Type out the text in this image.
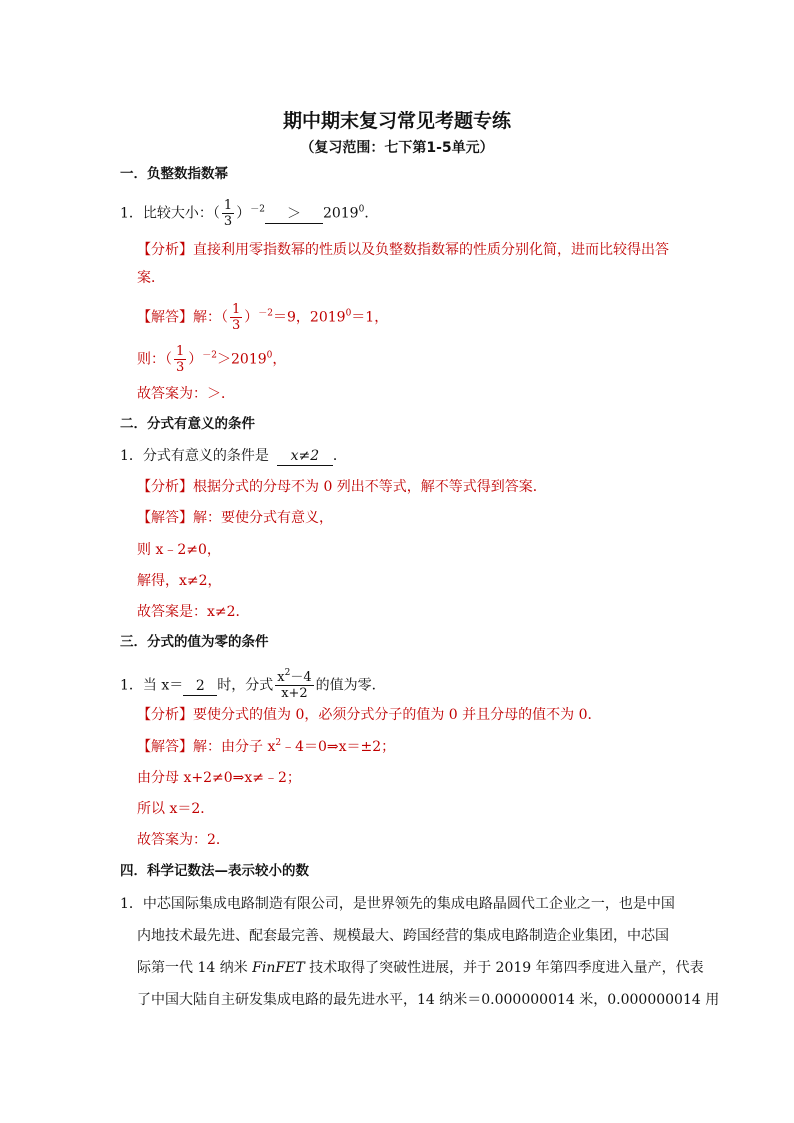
期中期末复习常见考题专练
（复习范围：七下第1-5单元）
一．负整数指数幂
1．比较大小：（ $\frac{1}{3} )^{-2} > 2019^0$．
【分析】直接利用零指数幂的性质以及负整数指数幂的性质分别化简，进而比较得出答
案．
【解答】解：（ $\frac{1}{3} )^{-2}=9$，$2019^0=1$，
则：（ $\frac{1}{3} )^{-2}>2019^0$，
故答案为：＞．
二．分式有意义的条件
1．分式有意义的条件是 x≠2 ．
【分析】根据分式的分母不为 0 列出不等式，解不等式得到答案．
【解答】解：要使分式有意义，
则 x﹣2≠0，
解得，x≠2，
故答案是：x≠2．
三．分式的值为零的条件
1．当 x＝ 2 时，分式 $\frac{x^2-4}{x+2}$ 的值为零．
【分析】要使分式的值为 0，必须分式分子的值为 0 并且分母的值不为 0．
【解答】解：由分子 $x^2﹣4=0\Rightarrow x=\pm 2$；
由分母 x+2≠0⇒x≠﹣2；
所以 x＝2．
故答案为：2．
四．科学记数法—表示较小的数
1．中芯国际集成电路制造有限公司，是世界领先的集成电路晶圆代工企业之一，也是中国
内地技术最先进、配套最完善、规模最大、跨国经营的集成电路制造企业集团，中芯国
际第一代 14 纳米 FinFET 技术取得了突破性进展，并于 2019 年第四季度进入量产，代表
了中国大陆自主研发集成电路的最先进水平，14 纳米＝0.000000014 米，0.000000014 用
